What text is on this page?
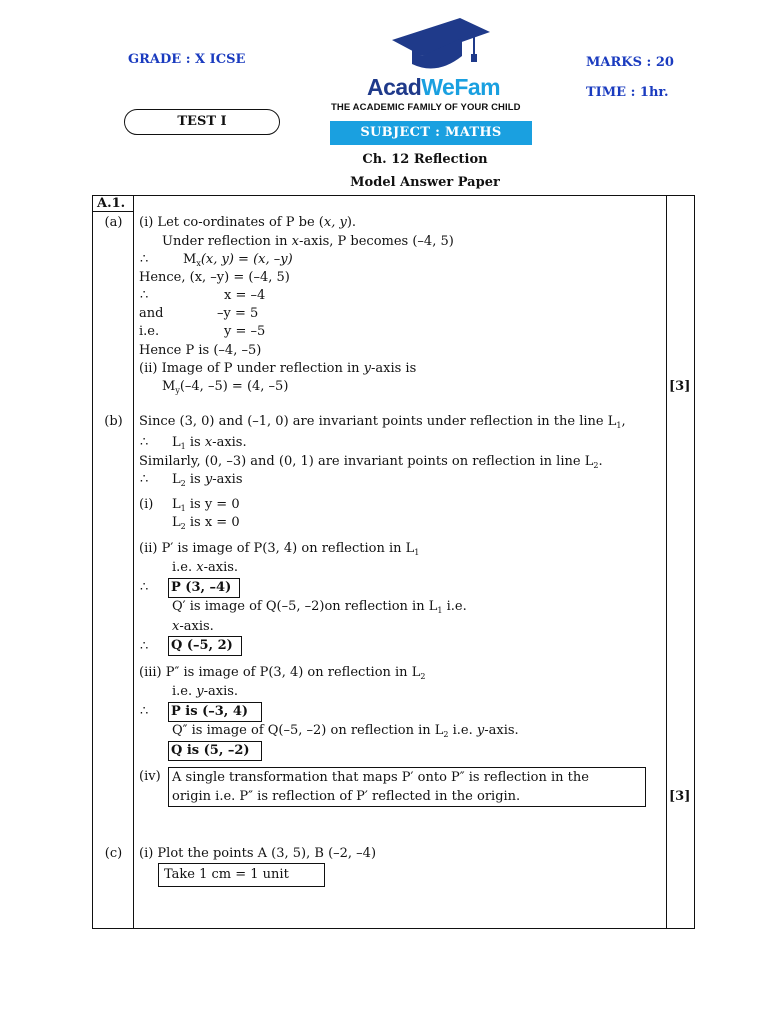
GRADE : X ICSE	MARKS : 20
TIME : 1hr.
AcadWeFam
THE ACADEMIC FAMILY OF YOUR CHILD
TEST I
SUBJECT : MATHS
Ch. 12 Reflection
Model Answer Paper
A.1.
(a)	(i) Let co-ordinates of P be (x, y).
Under reflection in x-axis, P becomes (–4, 5)
∴	$M_x(x$, y) = (x, –y)
Hence, (x, –y) = (–4, 5)
∴	x = –4
and	–y = 5
i.e.	y = –5
Hence P is (–4, –5)
(ii) Image of P under reflection in y-axis is
$M_y(-4$, –5) = (4, –5)	[3]
(b)	Since (3, 0) and (–1, 0) are invariant points under reflection in the line $L_1$,
∴ $L_1$ is x-axis.
Similarly, (0, –3) and (0, 1) are invariant points on reflection in line $L_2$.
∴ $L_2$ is y-axis
(i) $L_1$ is y = 0
$L_2$ is x = 0
(ii) P′ is image of P(3, 4) on reflection in $L_1$
i.e. x-axis.
∴ P (3, –4)
Q′ is image of Q(–5, –2)on reflection in $L_1$ i.e.
x-axis.
∴ Q (–5, 2)
(iii) P″ is image of P(3, 4) on reflection in $L_2$
i.e. y-axis.
∴ P is (–3, 4)
Q″ is image of Q(–5, –2) on reflection in $L_2$ i.e. y-axis.
Q is (5, –2)
(iv) A single transformation that maps P′ onto P″ is reflection in the
origin i.e. P″ is reflection of P′ reflected in the origin.	[3]
(c)	(i) Plot the points A (3, 5), B (–2, –4)
Take 1 cm = 1 unit
